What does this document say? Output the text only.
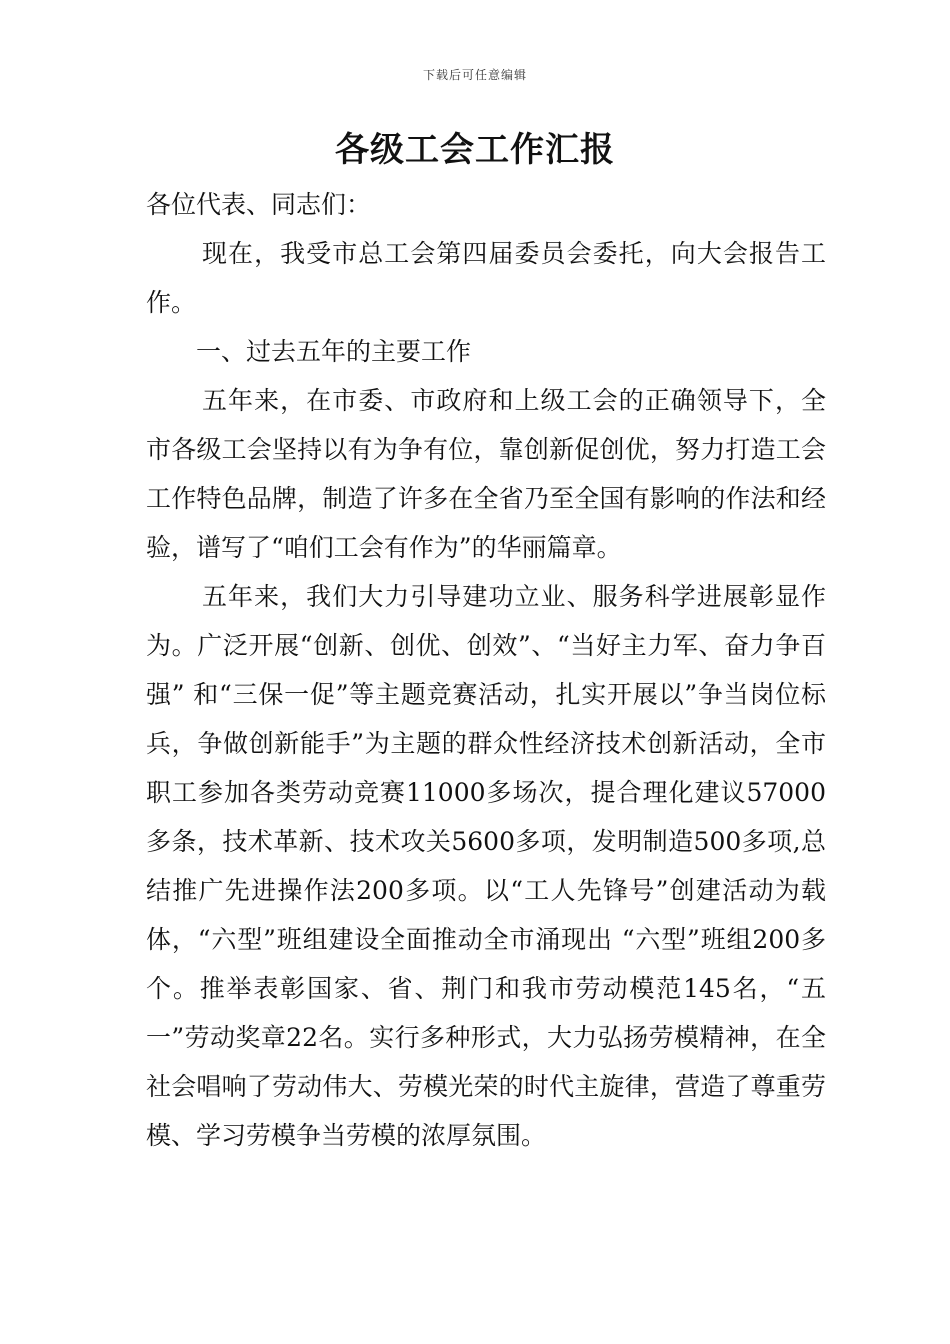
下载后可任意编辑
各级工会工作汇报

各位代表、同志们：

现在，我受市总工会第四届委员会委托，向大会报告工作。

一、过去五年的主要工作

五年来，在市委、市政府和上级工会的正确领导下，全市各级工会坚持以有为争有位，靠创新促创优，努力打造工会工作特色品牌，制造了许多在全省乃至全国有影响的作法和经验，谱写了“咱们工会有作为”的华丽篇章。

五年来，我们大力引导建功立业、服务科学进展彰显作为。广泛开展“创新、创优、创效”、“当好主力军、奋力争百强” 和“三保一促”等主题竞赛活动，扎实开展以”争当岗位标兵，争做创新能手”为主题的群众性经济技术创新活动，全市职工参加各类劳动竞赛11000多场次，提合理化建议57000多条，技术革新、技术攻关5600多项，发明制造500多项,总结推广先进操作法200多项。以“工人先锋号”创建活动为载体，“六型”班组建设全面推动全市涌现出 “六型”班组200多个。推举表彰国家、省、荆门和我市劳动模范145名，“五一”劳动奖章22名。实行多种形式，大力弘扬劳模精神，在全社会唱响了劳动伟大、劳模光荣的时代主旋律，营造了尊重劳模、学习劳模争当劳模的浓厚氛围。
